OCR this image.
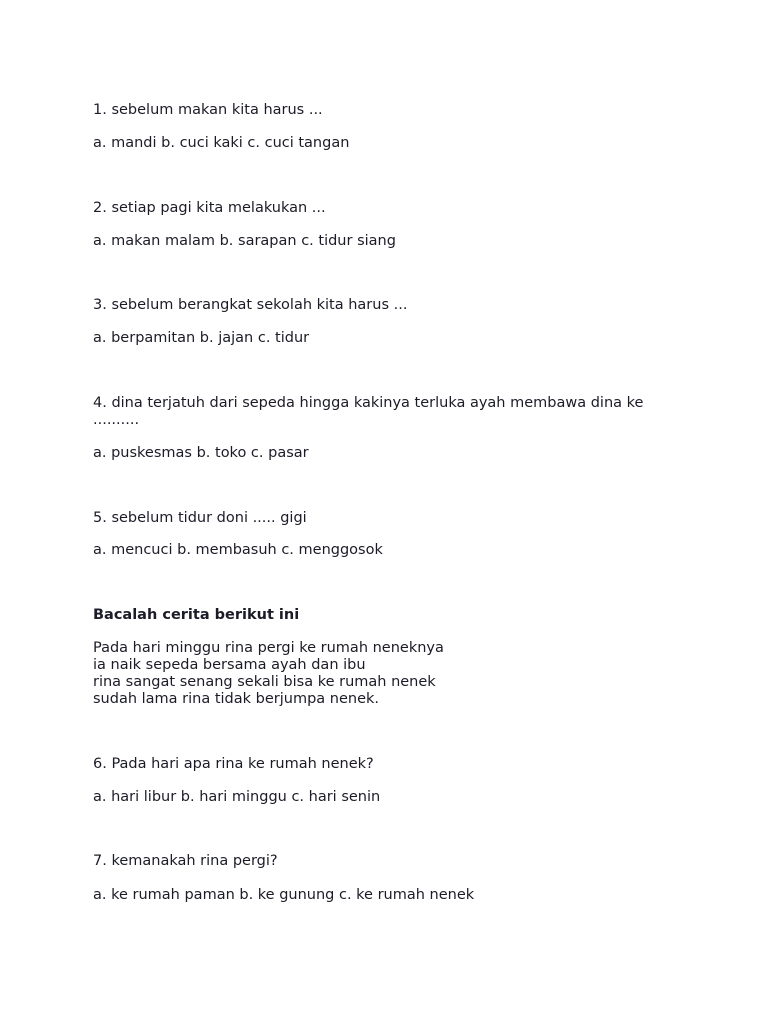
1. sebelum makan kita harus ...
a. mandi b. cuci kaki c. cuci tangan
2. setiap pagi kita melakukan ...
a. makan malam b. sarapan c. tidur siang
3. sebelum berangkat sekolah kita harus ...
a. berpamitan b. jajan c. tidur
4. dina terjatuh dari sepeda hingga kakinya terluka ayah membawa dina ke ..........
a. puskesmas b. toko c. pasar
5. sebelum tidur doni ..... gigi
a. mencuci b. membasuh c. menggosok
Bacalah cerita berikut ini
Pada hari minggu rina pergi ke rumah neneknya
ia naik sepeda bersama ayah dan ibu
rina sangat senang sekali bisa ke rumah nenek
sudah lama rina tidak berjumpa nenek.
6. Pada hari apa rina ke rumah nenek?
a. hari libur b. hari minggu c. hari senin
7. kemanakah rina pergi?
a. ke rumah paman b. ke gunung c. ke rumah nenek
